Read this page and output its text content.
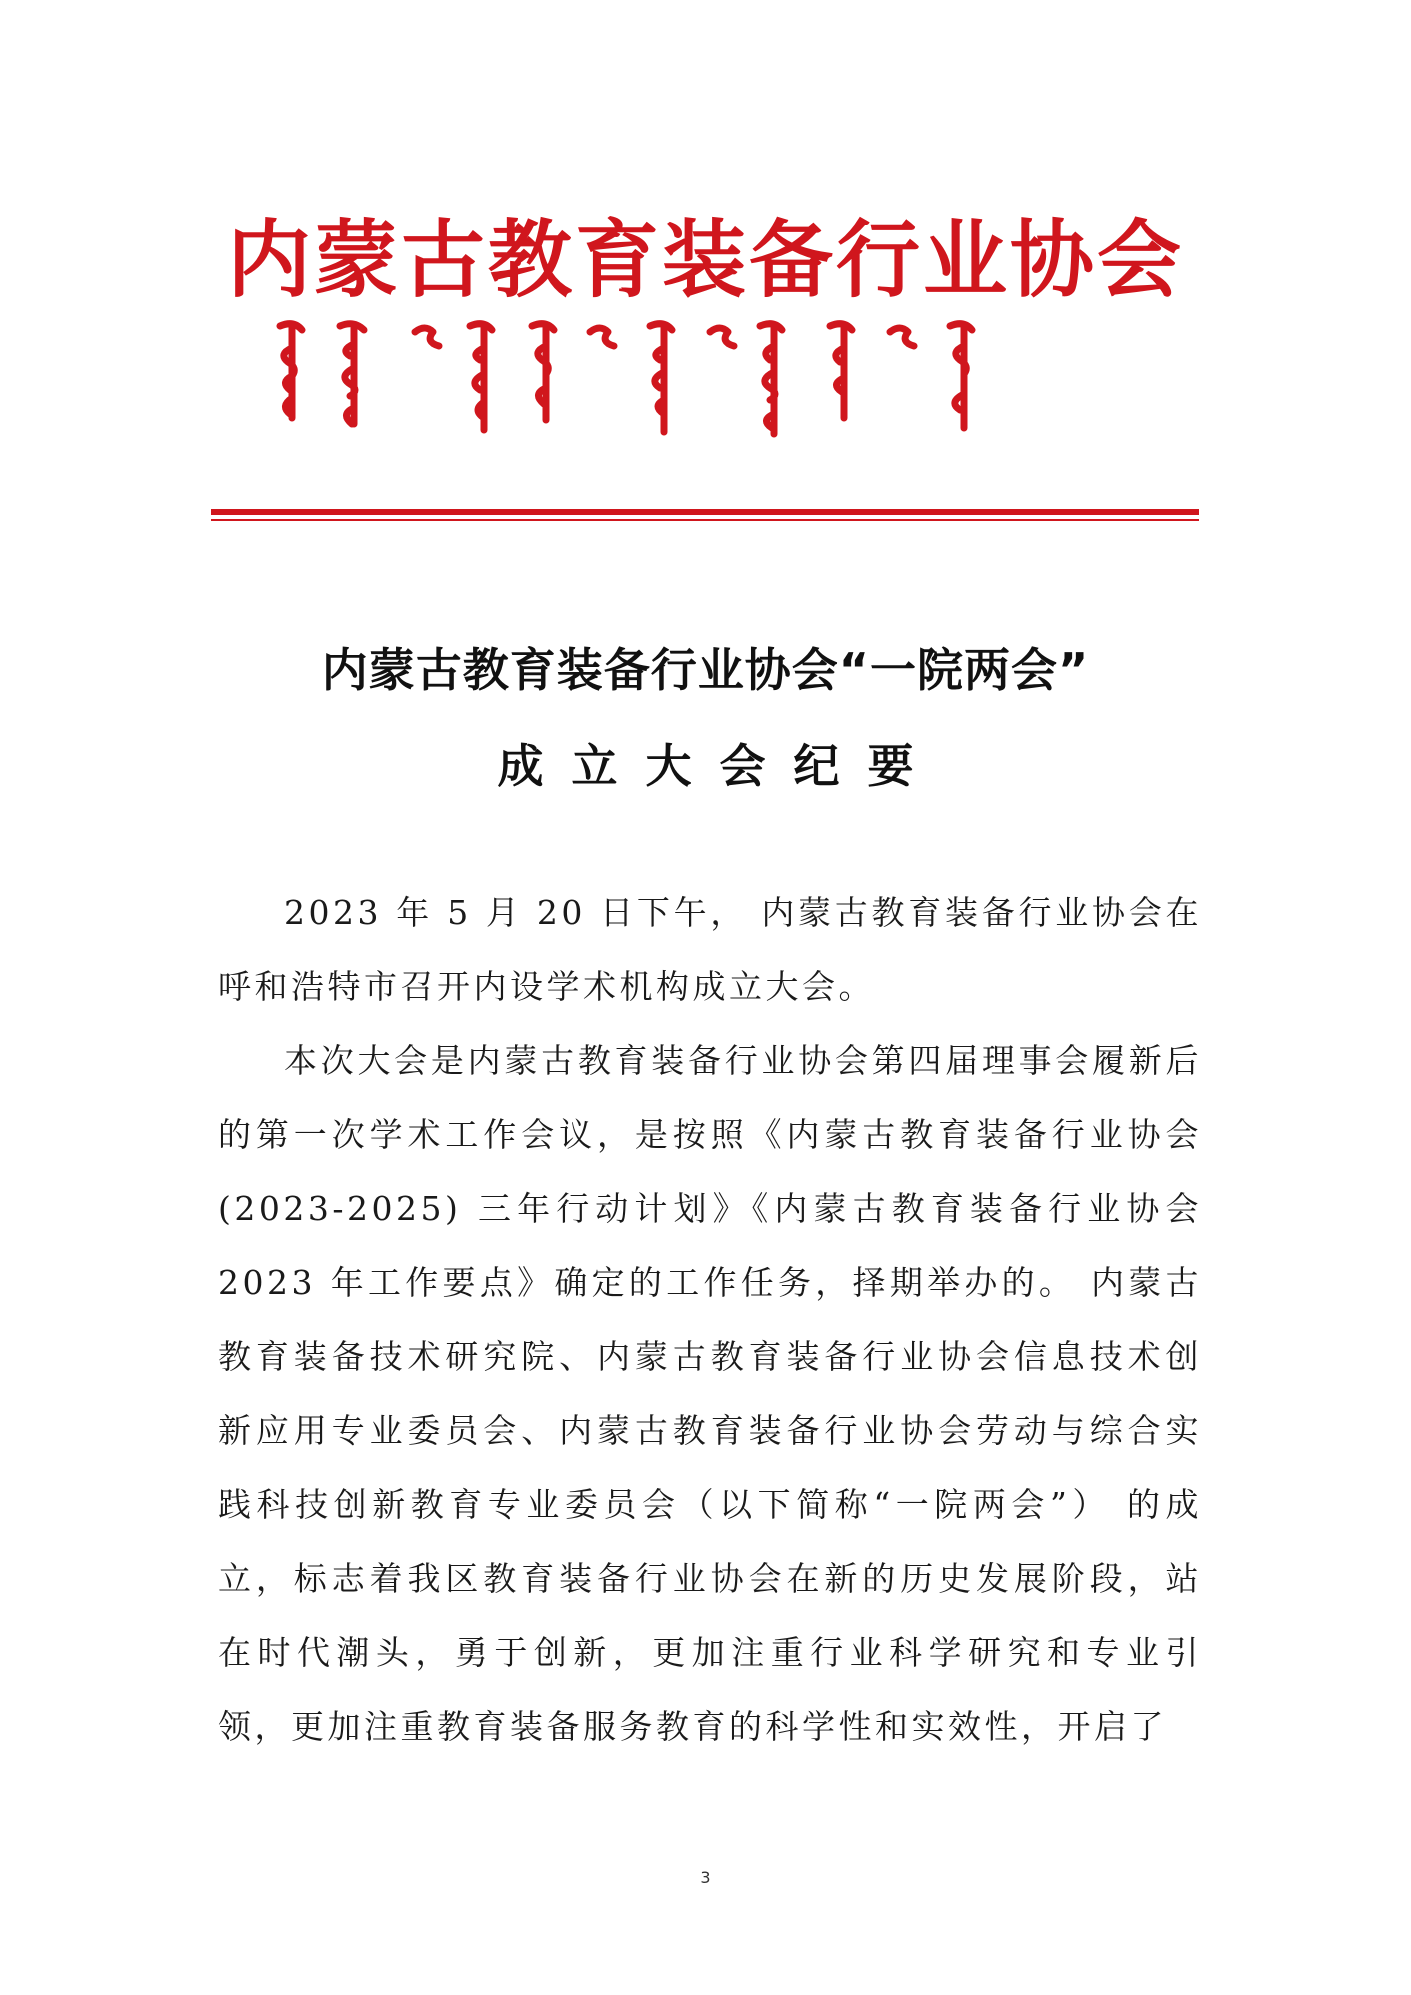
内蒙古教育装备行业协会
内蒙古教育装备行业协会“一院两会”
成立大会纪要

2023 年 5 月 20 日下午， 内蒙古教育装备行业协会在呼和浩特市召开内设学术机构成立大会。

本次大会是内蒙古教育装备行业协会第四届理事会履新后的第一次学术工作会议，是按照《内蒙古教育装备行业协会 (2023-2025) 三年行动计划》《内蒙古教育装备行业协会 2023 年工作要点》确定的工作任务，择期举办的。 内蒙古教育装备技术研究院、内蒙古教育装备行业协会信息技术创新应用专业委员会、内蒙古教育装备行业协会劳动与综合实践科技创新教育专业委员会（以下简称“一院两会”） 的成立，标志着我区教育装备行业协会在新的历史发展阶段，站在时代潮头，勇于创新，更加注重行业科学研究和专业引领，更加注重教育装备服务教育的科学性和实效性，开启了

3
